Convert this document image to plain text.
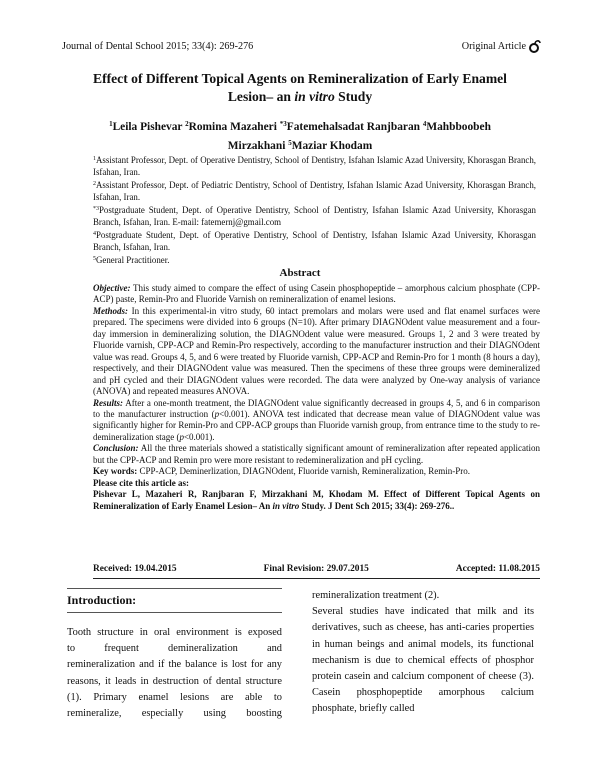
Journal of Dental School 2015; 33(4): 269-276	Original Article
Effect of Different Topical Agents on Remineralization of Early Enamel Lesion– an in vitro Study
$^1$Leila Pishevar $^2$Romina Mazaheri $^{*3}$Fatemehalsadat Ranjbaran $^4$Mahbboobeh Mirzakhani $^5$Maziar Khodam

$^1$Assistant Professor, Dept. of Operative Dentistry, School of Dentistry, Isfahan Islamic Azad University, Khorasgan Branch, Isfahan, Iran.

$^2$Assistant Professor, Dept. of Pediatric Dentistry, School of Dentistry, Isfahan Islamic Azad University, Khorasgan Branch, Isfahan, Iran.

$^{*3}$Postgraduate Student, Dept. of Operative Dentistry, School of Dentistry, Isfahan Islamic Azad University, Khorasgan Branch, Isfahan, Iran. E-mail: fatemernj@gmail.com

$^4$Postgraduate Student, Dept. of Operative Dentistry, School of Dentistry, Isfahan Islamic Azad University, Khorasgan Branch, Isfahan, Iran.

$^5$General Practitioner.

Abstract

Objective: This study aimed to compare the effect of using Casein phosphopeptide – amorphous calcium phosphate (CPP-ACP) paste, Remin-Pro and Fluoride Varnish on remineralization of enamel lesions.

Methods: In this experimental-in vitro study, 60 intact premolars and molars were used and flat enamel surfaces were prepared. The specimens were divided into 6 groups (N=10). After primary DIAGNOdent value measurement and a four-day immersion in demineralizing solution, the DIAGNOdent value were measured. Groups 1, 2 and 3 were treated by Fluoride varnish, CPP-ACP and Remin-Pro respectively, according to the manufacturer instruction and their DIAGNOdent value was read. Groups 4, 5, and 6 were treated by Fluoride varnish, CPP-ACP and Remin-Pro for 1 month (8 hours a day), respectively, and their DIAGNOdent value was measured. Then the specimens of these three groups were demineralized and pH cycled and their DIAGNOdent values were recorded. The data were analyzed by One-way analysis of variance (ANOVA) and repeated measures ANOVA.

Results: After a one-month treatment, the DIAGNOdent value significantly decreased in groups 4, 5, and 6 in comparison to the manufacturer instruction (p<0.001). ANOVA test indicated that decrease mean value of DIAGNOdent value was significantly higher for Remin-Pro and CPP-ACP groups than Fluoride varnish group, from entrance time to the study to re-demineralization stage (p<0.001).

Conclusion: All the three materials showed a statistically significant amount of remineralization after repeated application but the CPP-ACP and Remin pro were more resistant to redemineralization and pH cycling.

Key words: CPP-ACP, Deminerlization, DIAGNOdent, Fluoride varnish, Remineralization, Remin-Pro.

Please cite this article as:

Pishevar L, Mazaheri R, Ranjbaran F, Mirzakhani M, Khodam M. Effect of Different Topical Agents on Remineralization of Early Enamel Lesion– An in vitro Study. J Dent Sch 2015; 33(4): 269-276..

Received: 19.04.2015	Final Revision: 29.07.2015	Accepted: 11.08.2015

Introduction:

Tooth structure in oral environment is exposed
to frequent demineralization and
remineralization and if the balance is lost for any
reasons, it leads in destruction of dental structure
(1). Primary enamel lesions are able to
remineralize, especially using boosting

remineralization treatment (2).

Several studies have indicated that milk and its derivatives, such as cheese, has anti-caries properties in human beings and animal models, its functional mechanism is due to chemical effects of phosphor protein casein and calcium component of cheese (3). Casein phosphopeptide amorphous calcium phosphate, briefly called
